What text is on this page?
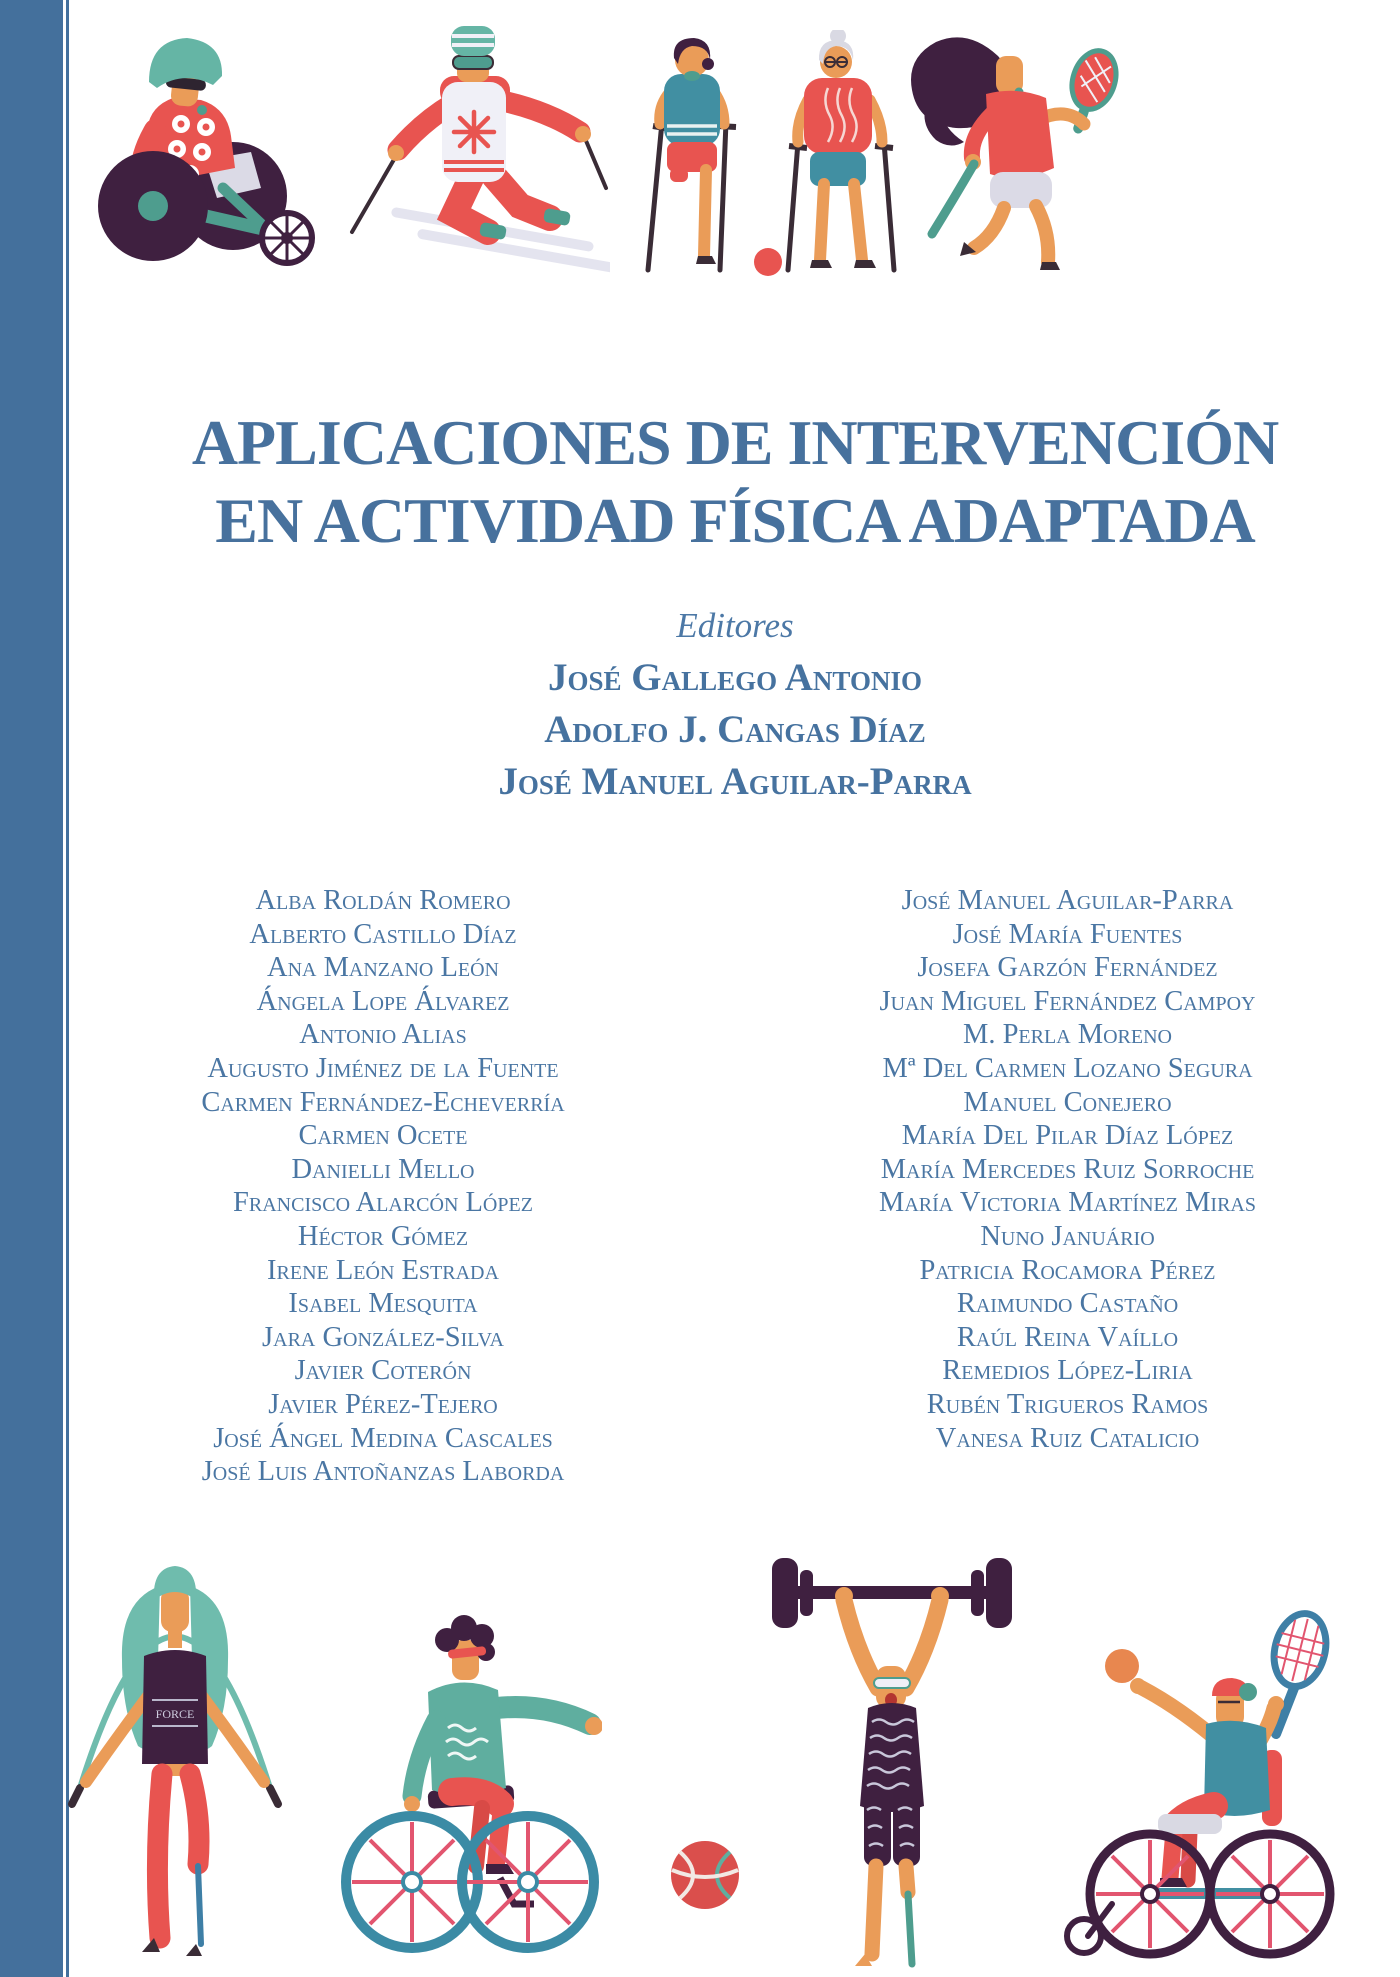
APLICACIONES DE INTERVENCIÓN
EN ACTIVIDAD FÍSICA ADAPTADA
Editores
José Gallego Antonio
Adolfo J. Cangas Díaz
José Manuel Aguilar-Parra
Alba Roldán Romero
Alberto Castillo Díaz
Ana Manzano León
Ángela Lope Álvarez
Antonio Alias
Augusto Jiménez de la Fuente
Carmen Fernández-Echeverría
Carmen Ocete
Danielli Mello
Francisco Alarcón López
Héctor Gómez
Irene León Estrada
Isabel Mesquita
Jara González-Silva
Javier Coterón
Javier Pérez-Tejero
José Ángel Medina Cascales
José Luis Antoñanzas Laborda
José Manuel Aguilar-Parra
José María Fuentes
Josefa Garzón Fernández
Juan Miguel Fernández Campoy
M. Perla Moreno
Mª Del Carmen Lozano Segura
Manuel Conejero
María Del Pilar Díaz López
María Mercedes Ruiz Sorroche
María Victoria Martínez Miras
Nuno Januário
Patricia Rocamora Pérez
Raimundo Castaño
Raúl Reina Vaíllo
Remedios López-Liria
Rubén Trigueros Ramos
Vanesa Ruiz Catalicio
FORCE
